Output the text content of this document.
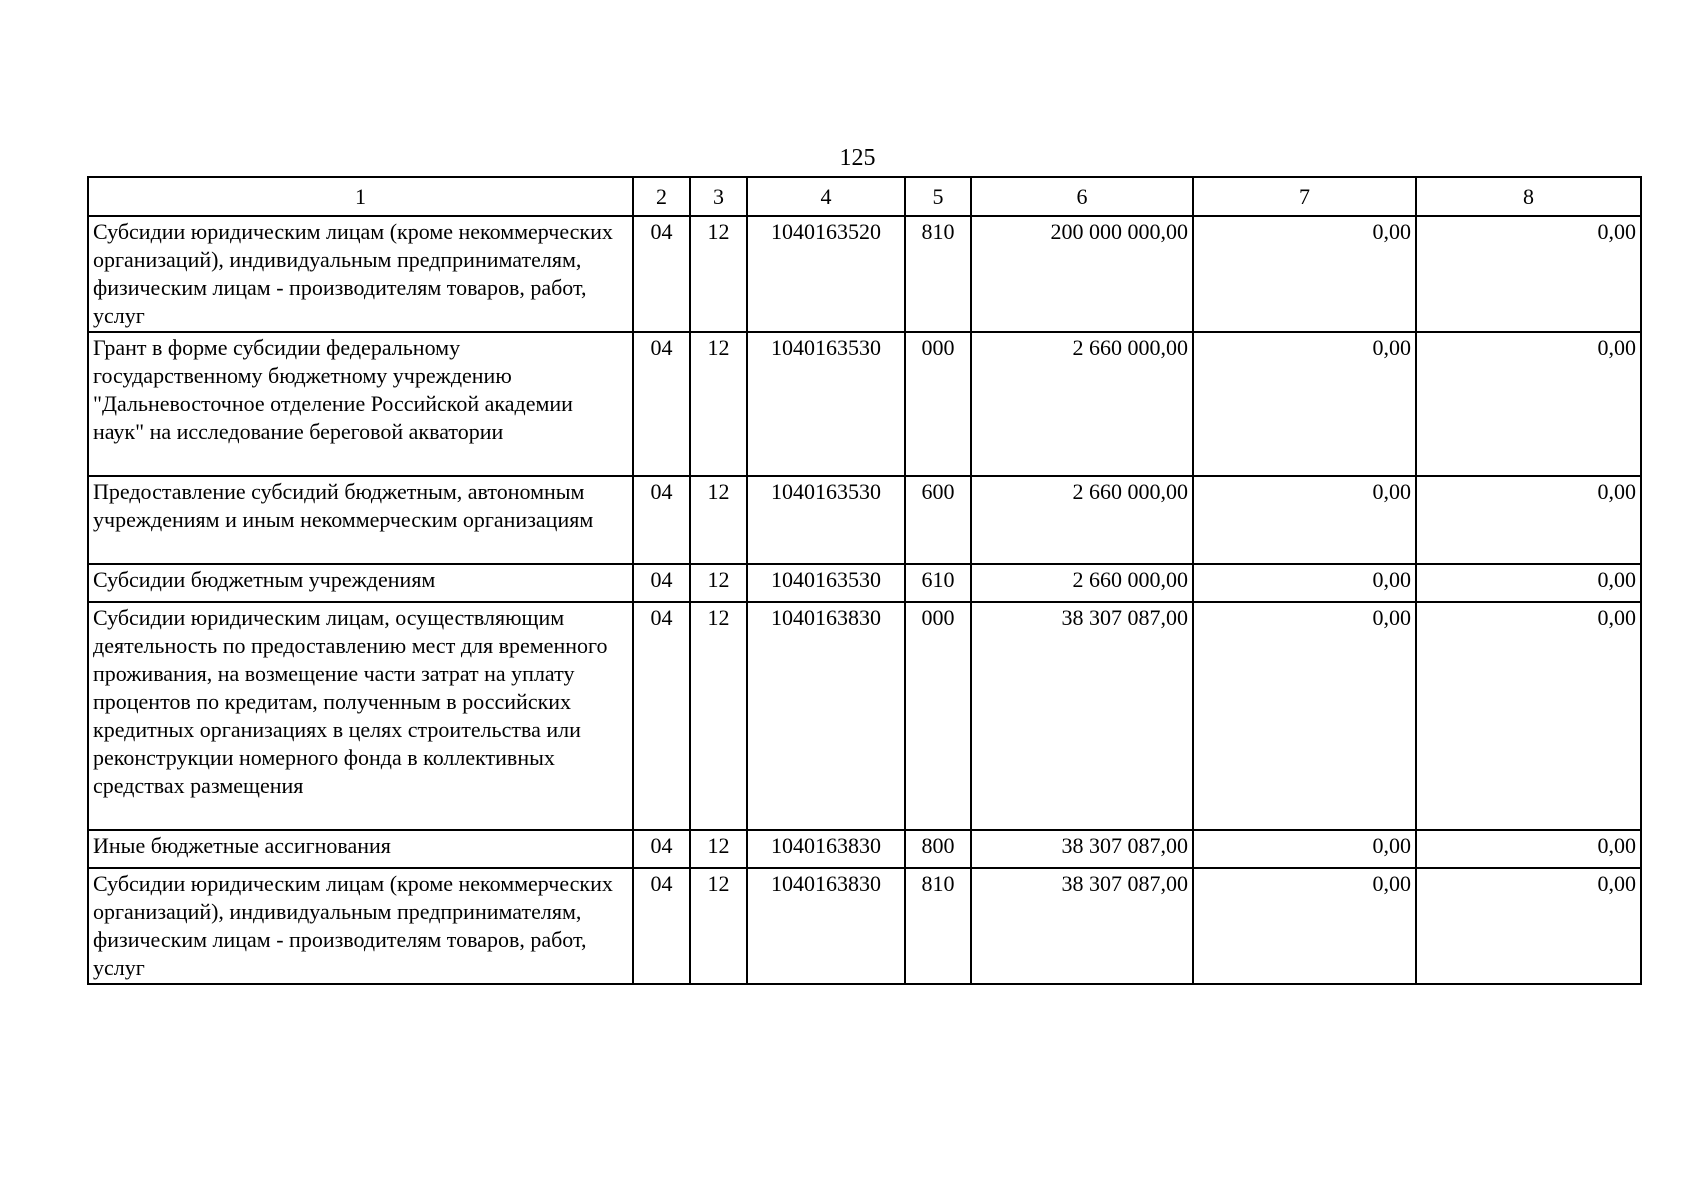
125
1	2	3	4	5	6	7	8
Субсидии юридическим лицам (кроме некоммерческих организаций), индивидуальным предпринимателям, физическим лицам - производителям товаров, работ, услуг	04	12	1040163520	810	200 000 000,00	0,00	0,00
Грант в форме субсидии федеральному государственному бюджетному учреждению "Дальневосточное отделение Российской академии наук" на исследование береговой акватории	04	12	1040163530	000	2 660 000,00	0,00	0,00
Предоставление субсидий бюджетным, автономным учреждениям и иным некоммерческим организациям	04	12	1040163530	600	2 660 000,00	0,00	0,00
Субсидии бюджетным учреждениям	04	12	1040163530	610	2 660 000,00	0,00	0,00
Субсидии юридическим лицам, осуществляющим деятельность по предоставлению мест для временного проживания, на возмещение части затрат на уплату процентов по кредитам, полученным в российских кредитных организациях в целях строительства или реконструкции номерного фонда в коллективных средствах размещения	04	12	1040163830	000	38 307 087,00	0,00	0,00
Иные бюджетные ассигнования	04	12	1040163830	800	38 307 087,00	0,00	0,00
Субсидии юридическим лицам (кроме некоммерческих организаций), индивидуальным предпринимателям, физическим лицам - производителям товаров, работ, услуг	04	12	1040163830	810	38 307 087,00	0,00	0,00
